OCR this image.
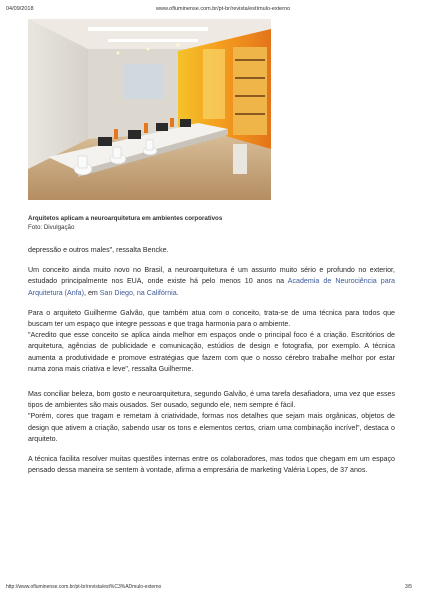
04/09/2018	www.ofluminense.com.br/pt-br/revista/estímulo-externo
Arquitetos aplicam a neuroarquitetura em ambientes corporativos
Foto: Divulgação

depressão e outros males", ressalta Bencke.

Um conceito ainda muito novo no Brasil, a neuroarquitetura é um assunto muito sério e profundo no exterior, estudado principalmente nos EUA, onde existe há pelo menos 10 anos na Academia de Neurociência para Arquitetura (Anfa), em San Diego, na Califórnia.

Para o arquiteto Guilherme Galvão, que também atua com o conceito, trata-se de uma técnica para todos que buscam ter um espaço que integre pessoas e que traga harmonia para o ambiente.
"Acredito que esse conceito se aplica ainda melhor em espaços onde o principal foco é a criação. Escritórios de arquitetura, agências de publicidade e comunicação, estúdios de design e fotografia, por exemplo. A técnica aumenta a produtividade e promove estratégias que fazem com que o nosso cérebro trabalhe melhor por estar numa zona mais criativa e leve", ressalta Guilherme.

Mas conciliar beleza, bom gosto e neuroarquitetura, segundo Galvão, é uma tarefa desafiadora, uma vez que esses tipos de ambientes são mais ousados. Ser ousado, segundo ele, nem sempre é fácil.
"Porém, cores que tragam e remetam à criatividade, formas nos detalhes que sejam mais orgânicas, objetos de design que ativem a criação, sabendo usar os tons e elementos certos, criam uma combinação incrível", destaca o arquiteto.

A técnica facilita resolver muitas questões internas entre os colaboradores, mas todos que chegam em um espaço pensado dessa maneira se sentem à vontade, afirma a empresária de marketing Valéria Lopes, de 37 anos.

http://www.ofluminense.com.br/pt-br/revista/est%C3%ADmulo-externo	3/5
